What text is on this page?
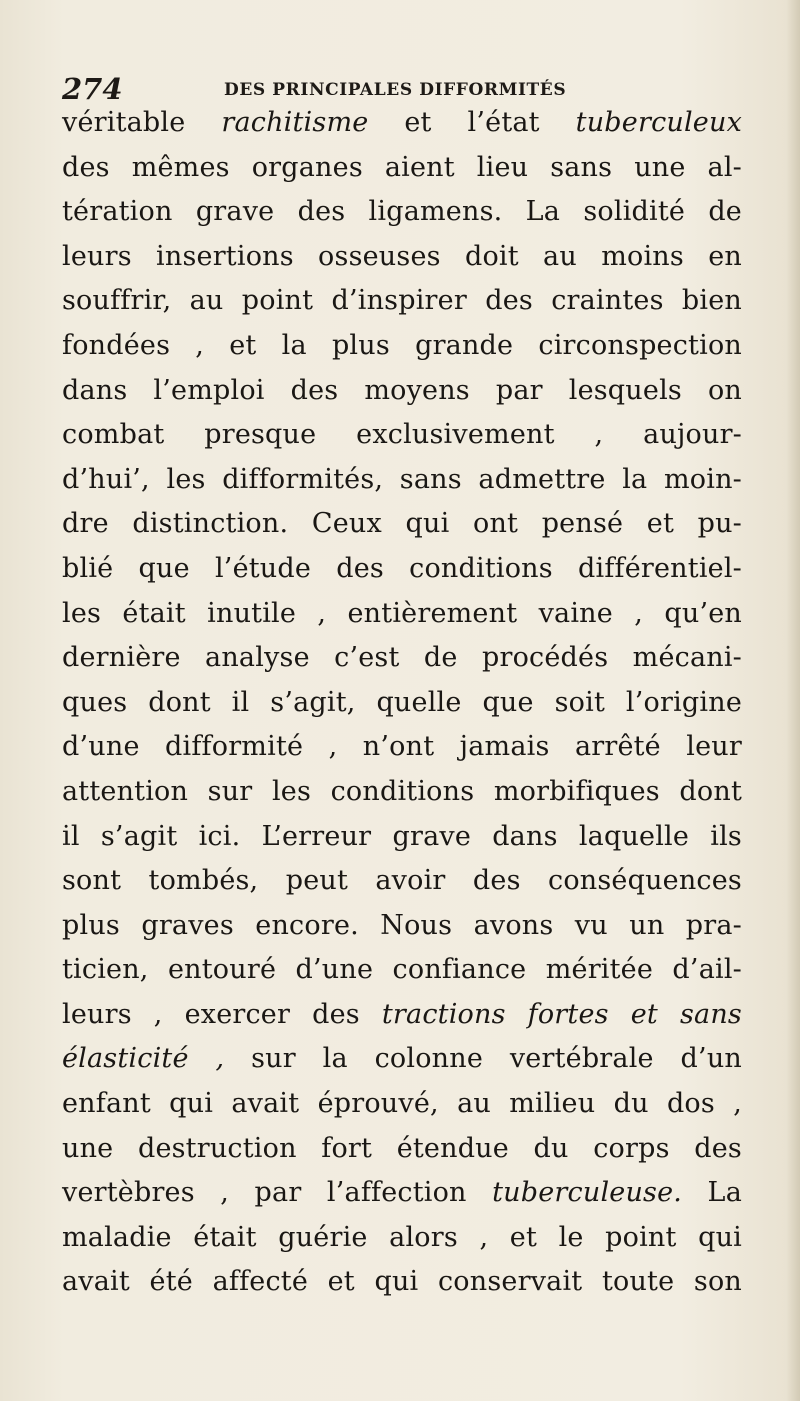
274	DES PRINCIPALES DIFFORMITÉS
véritable rachitisme et l’état tuberculeux
des mêmes organes aient lieu sans une al-
tération grave des ligamens. La solidité de
leurs insertions osseuses doit au moins en
souffrir, au point d’inspirer des craintes bien
fondées , et la plus grande circonspection
dans l’emploi des moyens par lesquels on
combat presque exclusivement , aujour-
d’hui’, les difformités, sans admettre la moin-
dre distinction. Ceux qui ont pensé et pu-
blié que l’étude des conditions différentiel-
les était inutile , entièrement vaine , qu’en
dernière analyse c’est de procédés mécani-
ques dont il s’agit, quelle que soit l’origine
d’une difformité , n’ont jamais arrêté leur
attention sur les conditions morbifiques dont
il s’agit ici. L’erreur grave dans laquelle ils
sont tombés, peut avoir des conséquences
plus graves encore. Nous avons vu un pra-
ticien, entouré d’une confiance méritée d’ail-
leurs , exercer des tractions fortes et sans
élasticité , sur la colonne vertébrale d’un
enfant qui avait éprouvé, au milieu du dos ,
une destruction fort étendue du corps des
vertèbres , par l’affection tuberculeuse. La
maladie était guérie alors , et le point qui
avait été affecté et qui conservait toute son
